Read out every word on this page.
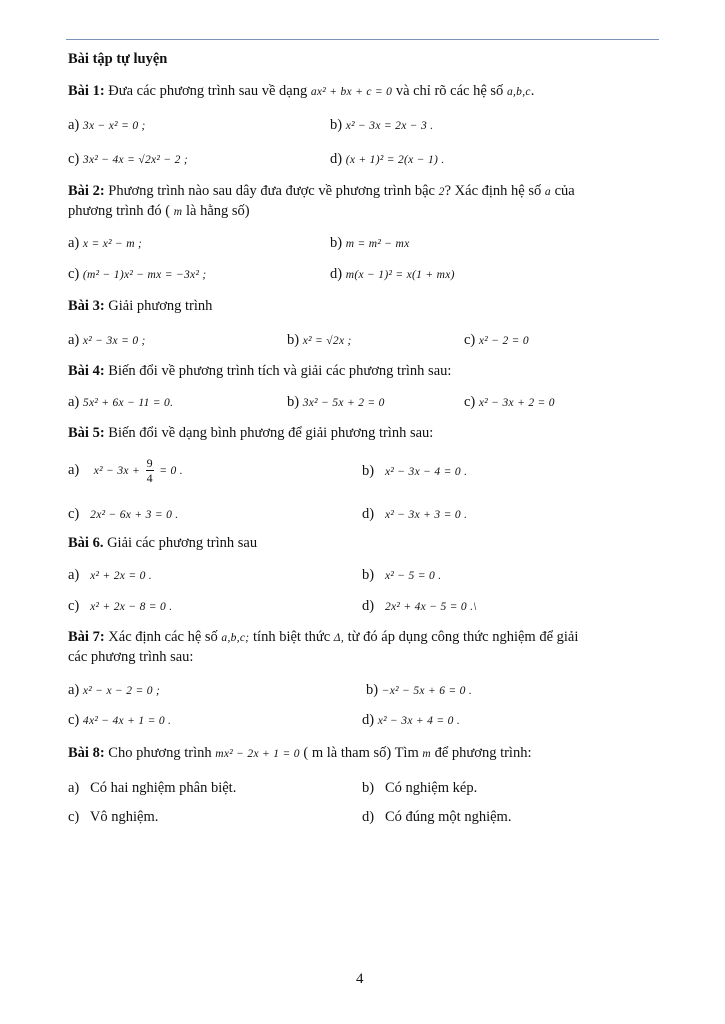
Bài tập tự luyện
Bài 1: Đưa các phương trình sau về dạng ax² + bx + c = 0 và chỉ rõ các hệ số a,b,c.
a) 3x − x² = 0 ;	b) x² − 3x = 2x − 3 .
c) 3x² − 4x = √2x² − 2 ;	d) (x + 1)² = 2(x − 1) .
Bài 2: Phương trình nào sau dây đưa được về phương trình bậc 2? Xác định hệ số a của
phương trình đó ( m là hằng số)
a) x = x² − m ;	b) m = m² − mx
c) (m² − 1)x² − mx = −3x² ;	d) m(x − 1)² = x(1 + mx)
Bài 3: Giải phương trình
a) x² − 3x = 0 ;	b) x² = √2x ;	c) x² − 2 = 0
Bài 4: Biến đổi về phương trình tích và giải các phương trình sau:
a) 5x² + 6x − 11 = 0.	b) 3x² − 5x + 2 = 0	c) x² − 3x + 2 = 0
Bài 5: Biến đổi về dạng bình phương để giải phương trình sau:
a) $x^2 - 3x + \frac{9}{4} = 0$ .	b) x² − 3x − 4 = 0 .
c) 2x² − 6x + 3 = 0 .	d) x² − 3x + 3 = 0 .
Bài 6. Giải các phương trình sau
a) x² + 2x = 0 .	b) x² − 5 = 0 .
c) x² + 2x − 8 = 0 .	d) 2x² + 4x − 5 = 0 .\
Bài 7: Xác định các hệ số a,b,c; tính biệt thức Δ, từ đó áp dụng công thức nghiệm để giải
các phương trình sau:
a) x² − x − 2 = 0 ;	b) −x² − 5x + 6 = 0 .
c) 4x² − 4x + 1 = 0 .	d) x² − 3x + 4 = 0 .
Bài 8: Cho phương trình mx² − 2x + 1 = 0 ( m là tham số) Tìm m để phương trình:
a) Có hai nghiệm phân biệt.	b) Có nghiệm kép.
c) Vô nghiệm.	d) Có đúng một nghiệm.
4
